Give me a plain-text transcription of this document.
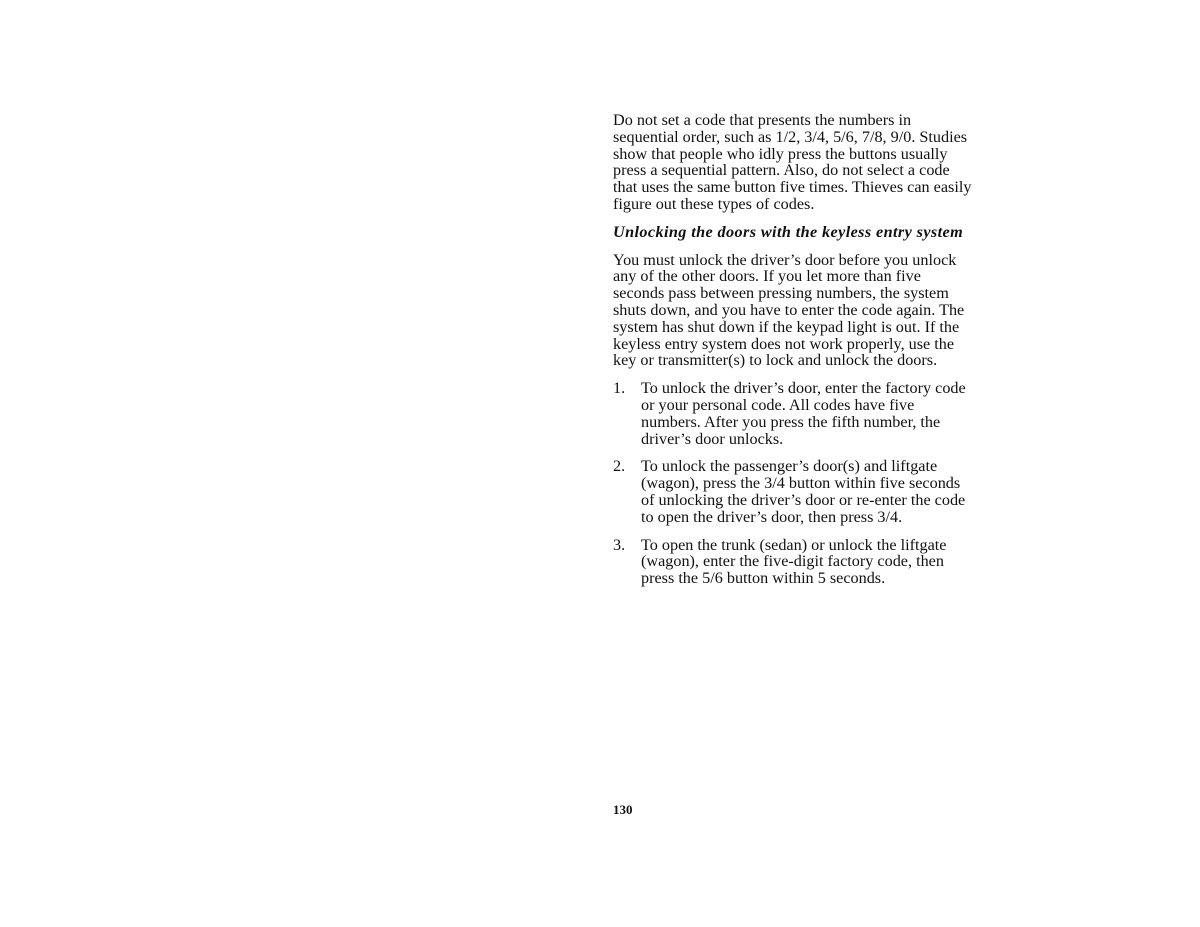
Do not set a code that presents the numbers in sequential order, such as 1/2, 3/4, 5/6, 7/8, 9/0. Studies show that people who idly press the buttons usually press a sequential pattern. Also, do not select a code that uses the same button five times. Thieves can easily figure out these types of codes.

Unlocking the doors with the keyless entry system

You must unlock the driver’s door before you unlock any of the other doors. If you let more than five seconds pass between pressing numbers, the system shuts down, and you have to enter the code again. The system has shut down if the keypad light is out. If the keyless entry system does not work properly, use the key or transmitter(s) to lock and unlock the doors.

1. To unlock the driver’s door, enter the factory code or your personal code. All codes have five numbers. After you press the fifth number, the driver’s door unlocks.
2. To unlock the passenger’s door(s) and liftgate (wagon), press the 3/4 button within five seconds of unlocking the driver’s door or re-enter the code to open the driver’s door, then press 3/4.
3. To open the trunk (sedan) or unlock the liftgate (wagon), enter the five-digit factory code, then press the 5/6 button within 5 seconds.
130
